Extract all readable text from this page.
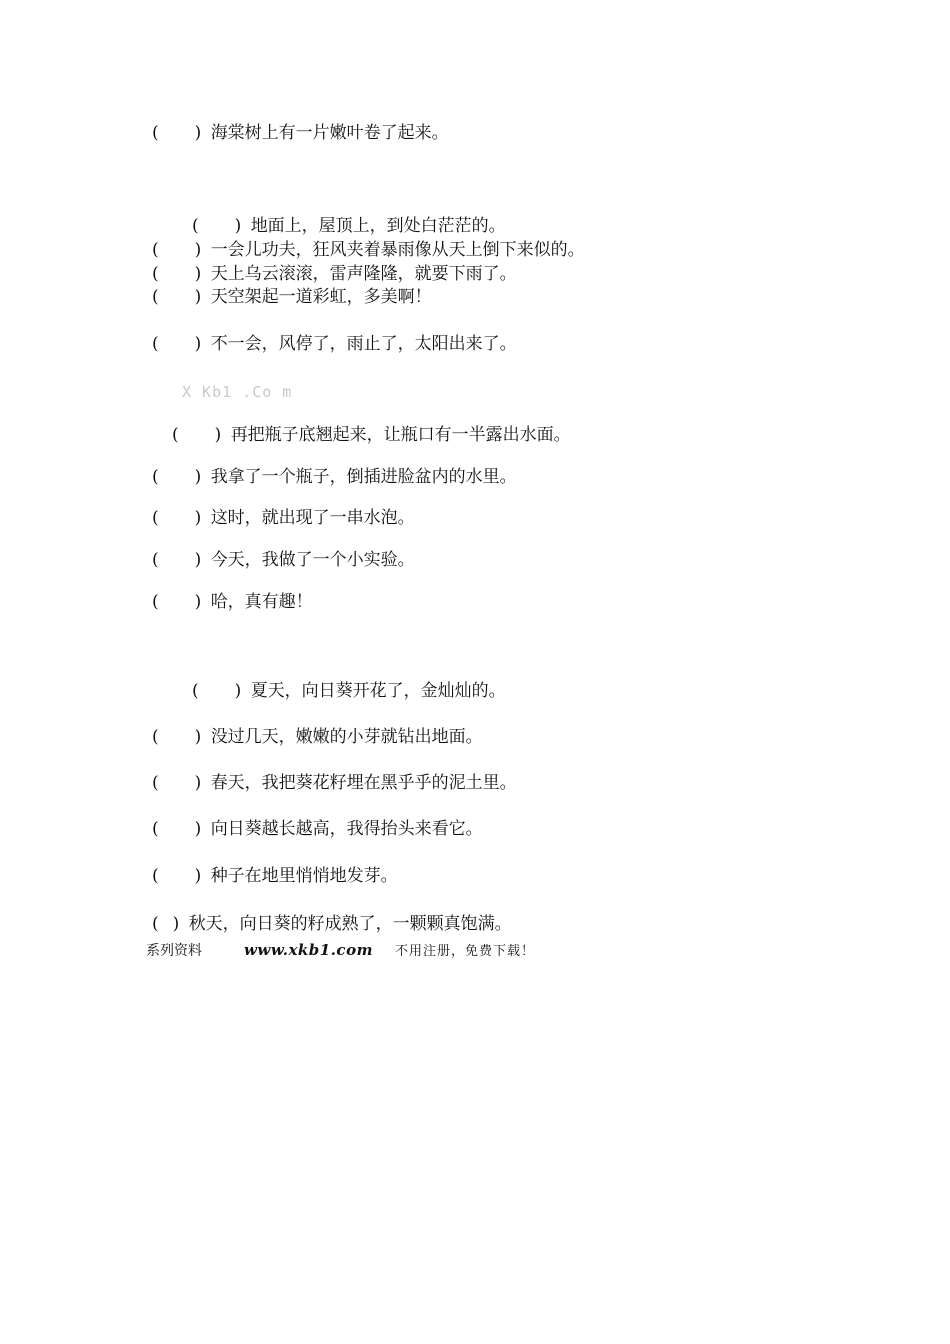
( ) 海棠树上有一片嫩叶卷了起来。
( ) 地面上，屋顶上，到处白茫茫的。
( ) 一会儿功夫，狂风夹着暴雨像从天上倒下来似的。
( ) 天上乌云滚滚，雷声隆隆，就要下雨了。
( ) 天空架起一道彩虹，多美啊！
( ) 不一会，风停了，雨止了，太阳出来了。
X Kb1 .Co m
( ) 再把瓶子底翘起来，让瓶口有一半露出水面。
( ) 我拿了一个瓶子，倒插进脸盆内的水里。
( ) 这时，就出现了一串水泡。
( ) 今天，我做了一个小实验。
( ) 哈，真有趣！
( ) 夏天，向日葵开花了，金灿灿的。
( ) 没过几天，嫩嫩的小芽就钻出地面。
( ) 春天，我把葵花籽埋在黑乎乎的泥土里。
( ) 向日葵越长越高，我得抬头来看它。
( ) 种子在地里悄悄地发芽。
( ) 秋天，向日葵的籽成熟了，一颗颗真饱满。
系列资料	www.xkb1.com 不用注册，免费下载！
